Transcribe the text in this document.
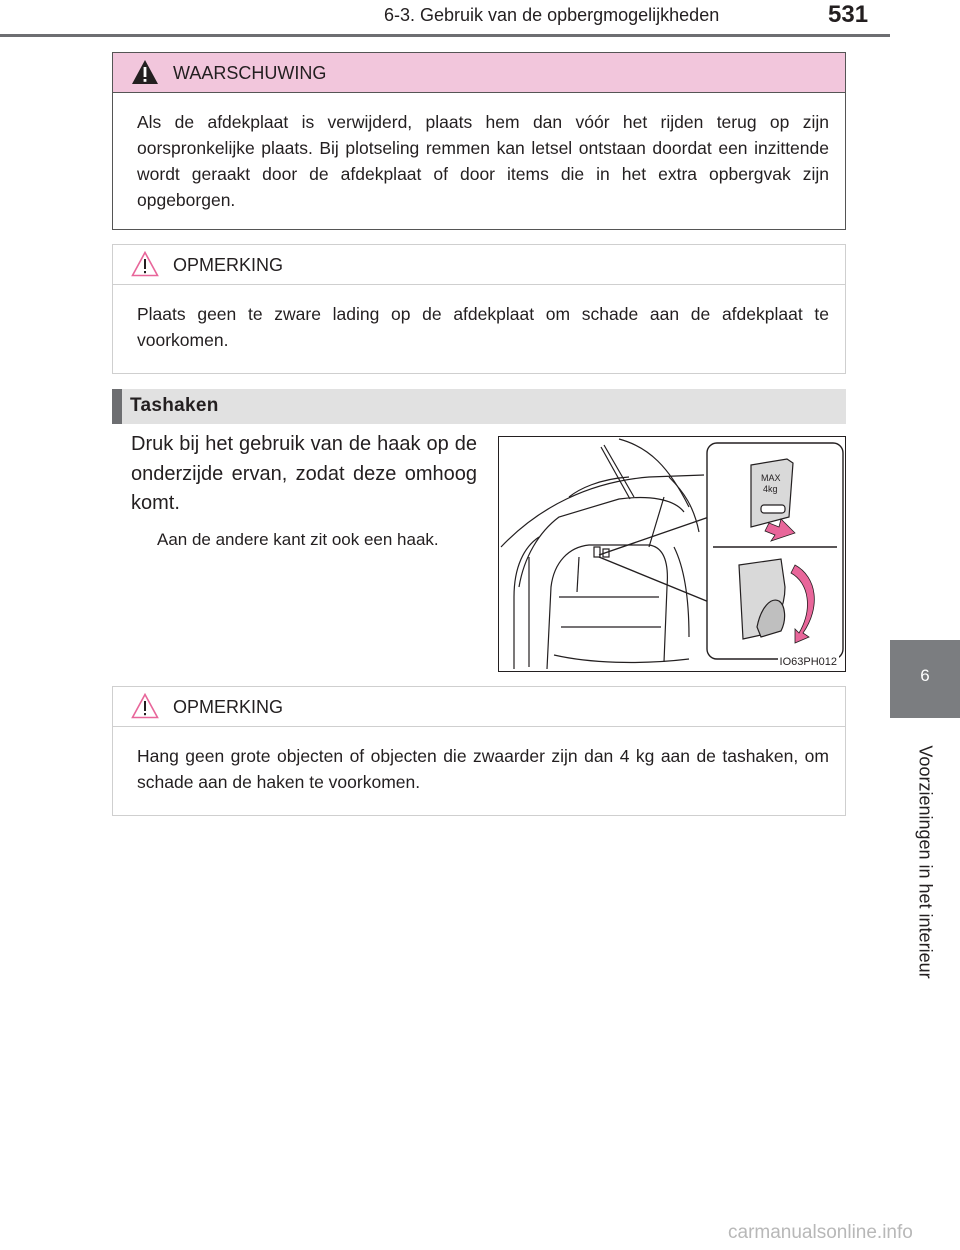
6-3. Gebruik van de opbergmogelijkheden	531
6
Voorzieningen in het interieur
WAARSCHUWING
Als de afdekplaat is verwijderd, plaats hem dan vóór het rijden terug op zijn oorspronkelijke plaats. Bij plotseling remmen kan letsel ontstaan doordat een inzittende wordt geraakt door de afdekplaat of door items die in het extra opbergvak zijn opgeborgen.
OPMERKING
Plaats geen te zware lading op de afdekplaat om schade aan de afdekplaat te voorkomen.
Tashaken
Druk bij het gebruik van de haak op de onderzijde ervan, zodat deze omhoog komt.
Aan de andere kant zit ook een haak.
MAX
4kg
IO63PH012
OPMERKING
Hang geen grote objecten of objecten die zwaarder zijn dan 4 kg aan de tashaken, om schade aan de haken te voorkomen.
carmanualsonline.info
